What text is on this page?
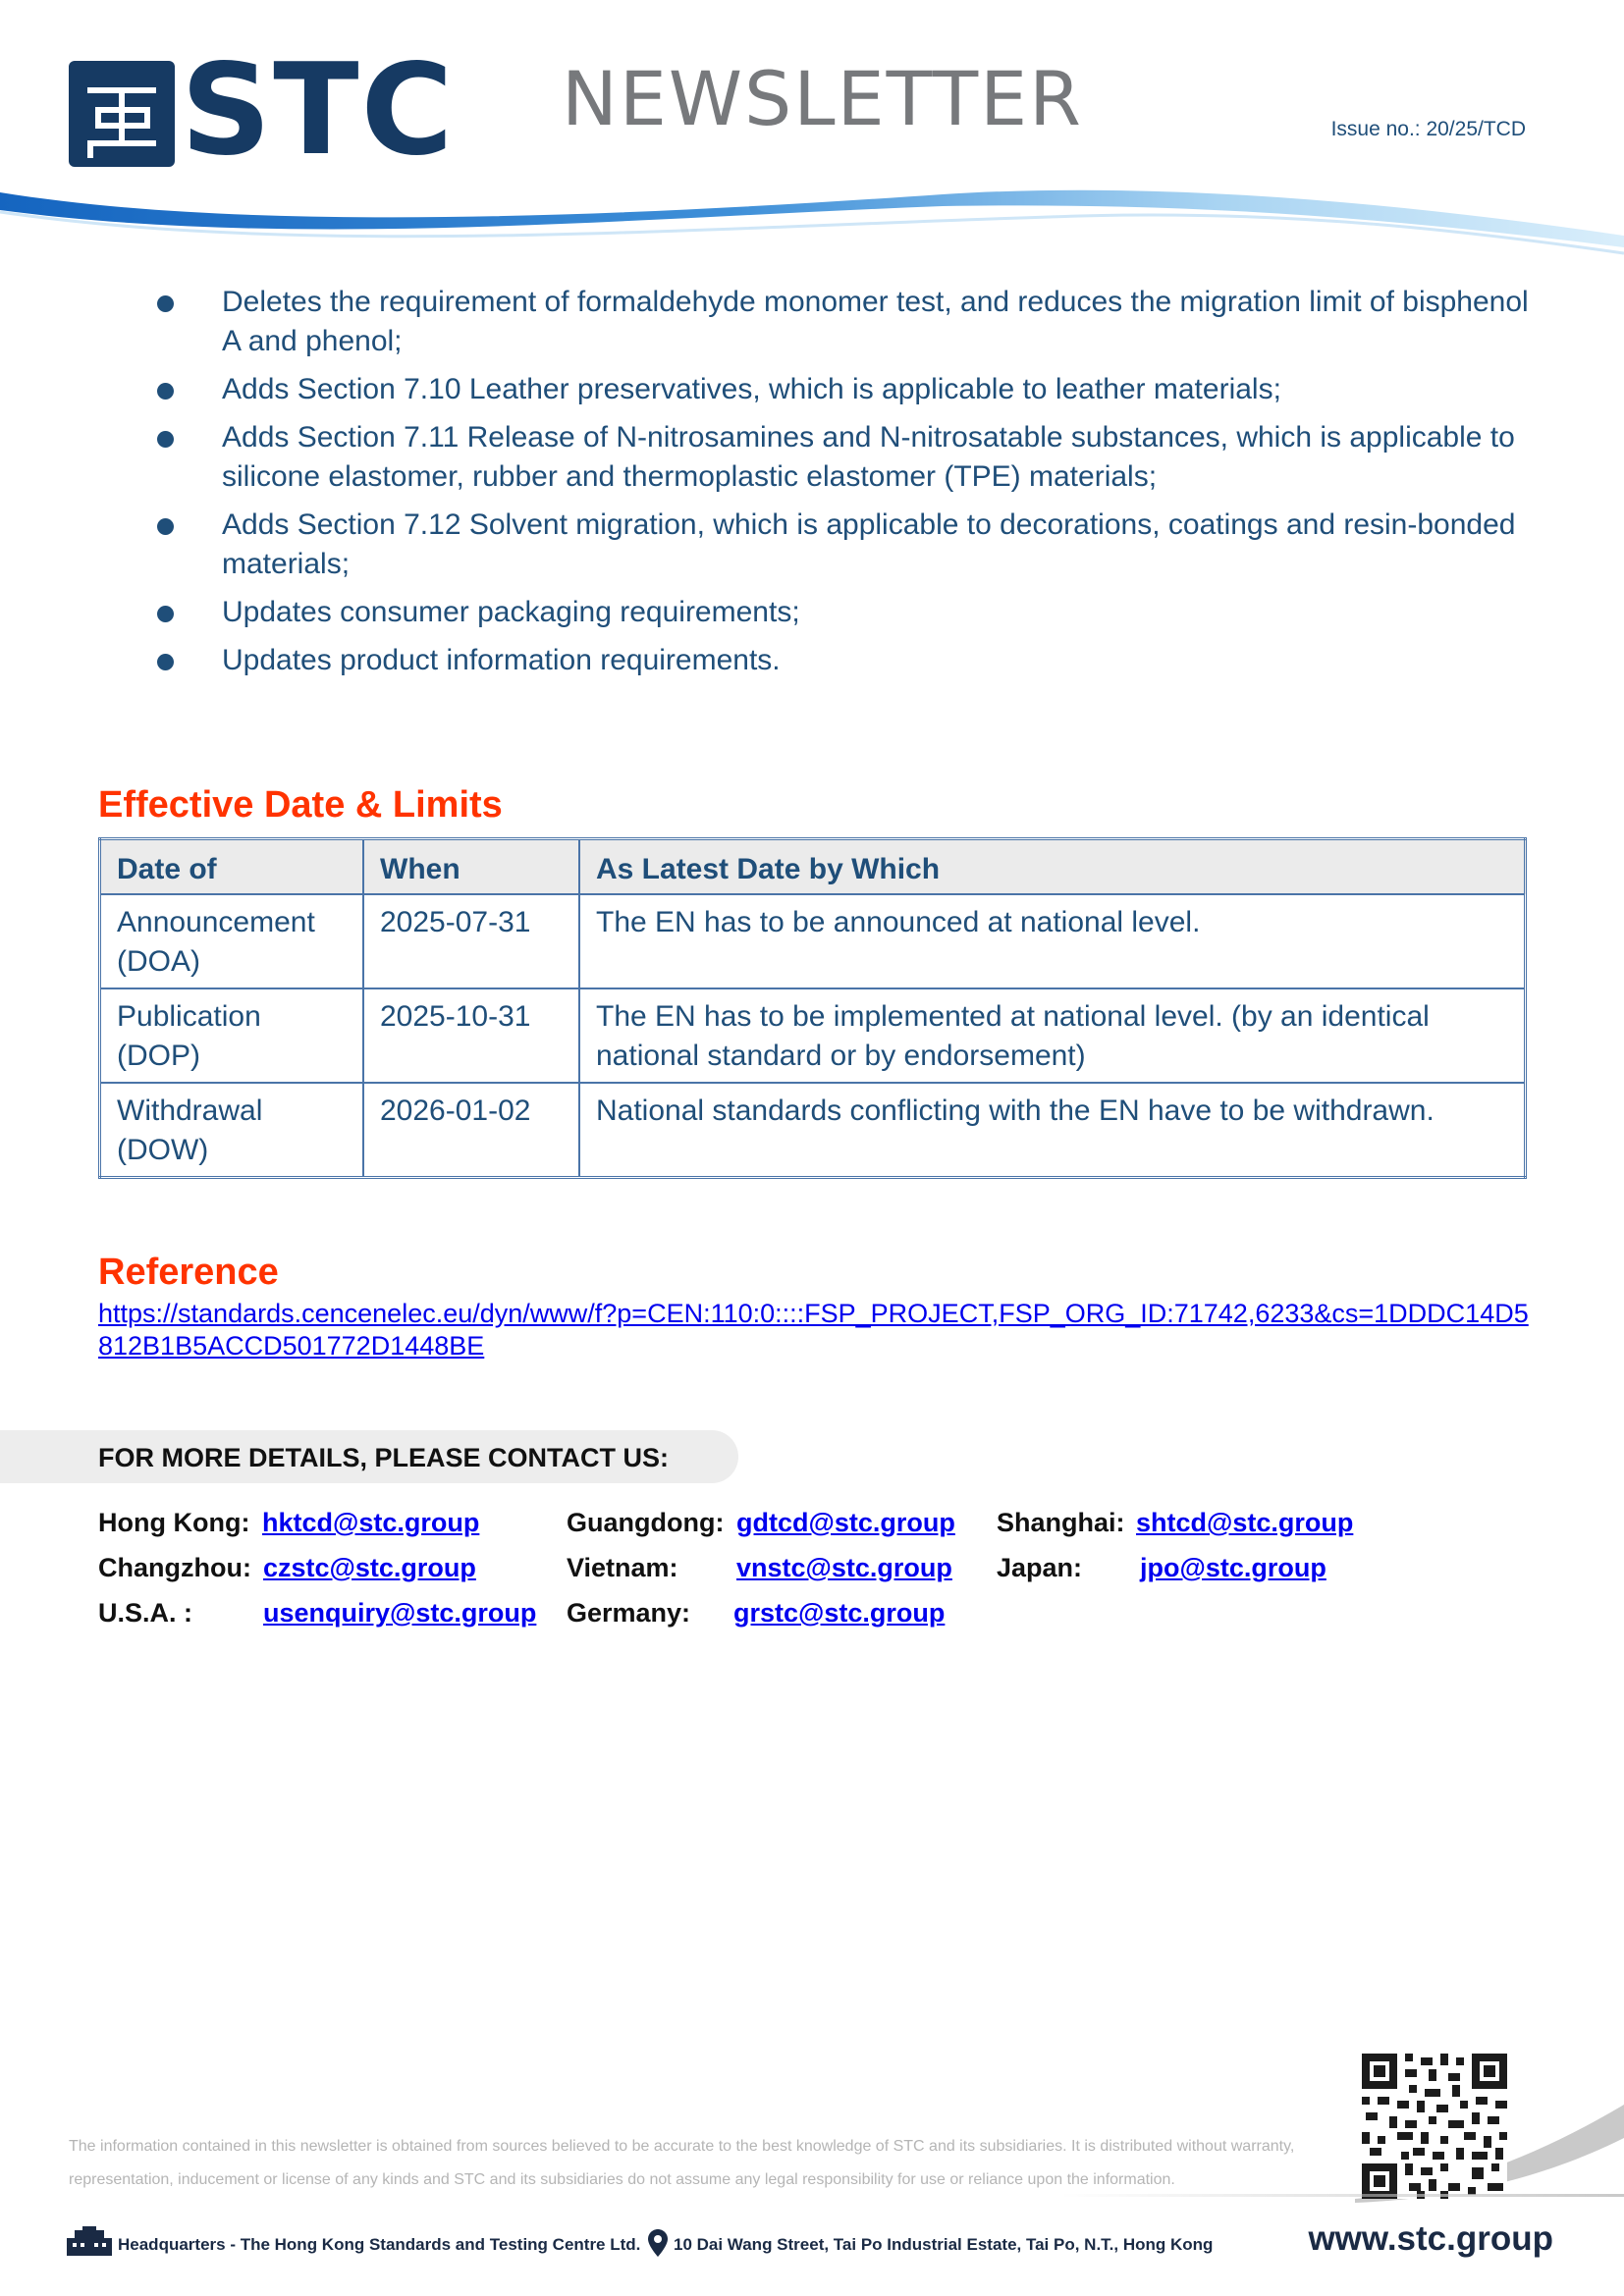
STC NEWSLETTER	Issue no.: 20/25/TCD
Deletes the requirement of formaldehyde monomer test, and reduces the migration limit of bisphenol A and phenol;
Adds Section 7.10 Leather preservatives, which is applicable to leather materials;
Adds Section 7.11 Release of N-nitrosamines and N-nitrosatable substances, which is applicable to silicone elastomer, rubber and thermoplastic elastomer (TPE) materials;
Adds Section 7.12 Solvent migration, which is applicable to decorations, coatings and resin-bonded materials;
Updates consumer packaging requirements;
Updates product information requirements.
Effective Date & Limits
Date of	When	As Latest Date by Which
Announcement (DOA)	2025-07-31	The EN has to be announced at national level.
Publication (DOP)	2025-10-31	The EN has to be implemented at national level. (by an identical national standard or by endorsement)
Withdrawal (DOW)	2026-01-02	National standards conflicting with the EN have to be withdrawn.
Reference
https://standards.cencenelec.eu/dyn/www/f?p=CEN:110:0::::FSP_PROJECT,FSP_ORG_ID:71742,6233&cs=1DDDC14D5812B1B5ACCD501772D1448BE
FOR MORE DETAILS, PLEASE CONTACT US:
Hong Kong: hktcd@stc.group	Guangdong: gdtcd@stc.group Shanghai: shtcd@stc.group
Changzhou: czstc@stc.group	Vietnam: vnstc@stc.group Japan: jpo@stc.group
U.S.A. :	usenquiry@stc.group Germany: grstc@stc.group
The information contained in this newsletter is obtained from sources believed to be accurate to the best knowledge of STC and its subsidiaries. It is distributed without warranty, representation, inducement or license of any kinds and STC and its subsidiaries do not assume any legal responsibility for use or reliance upon the information.
Headquarters - The Hong Kong Standards and Testing Centre Ltd. 10 Dai Wang Street, Tai Po Industrial Estate, Tai Po, N.T., Hong Kong	www.stc.group
